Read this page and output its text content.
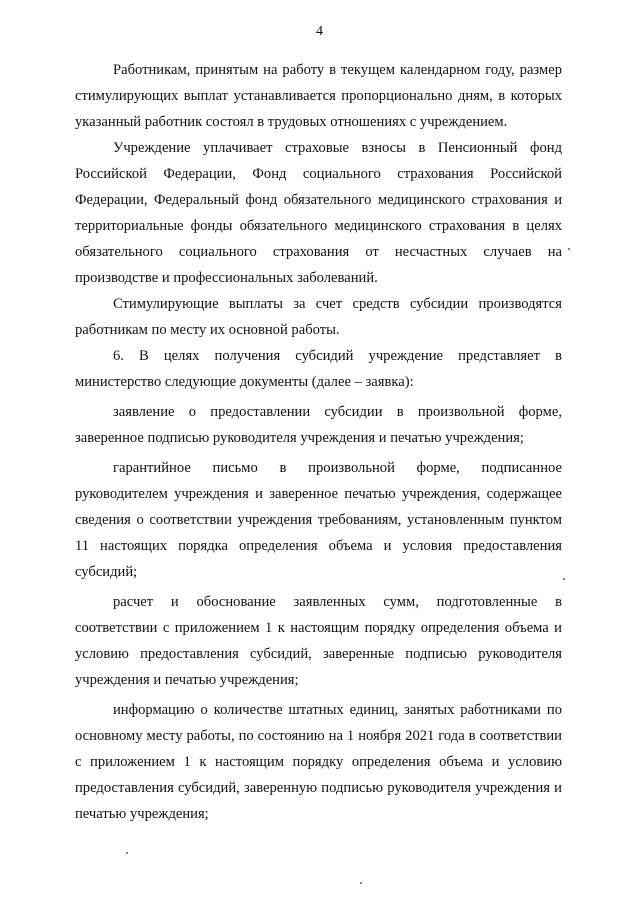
4

Работникам, принятым на работу в текущем календарном году, размер стимулирующих выплат устанавливается пропорционально дням, в которых указанный работник состоял в трудовых отношениях с учреждением.

Учреждение уплачивает страховые взносы в Пенсионный фонд Российской Федерации, Фонд социального страхования Российской Федерации, Федеральный фонд обязательного медицинского страхования и территориальные фонды обязательного медицинского страхования в целях обязательного социального страхования от несчастных случаев на производстве и профессиональных заболеваний.

Стимулирующие выплаты за счет средств субсидии производятся работникам по месту их основной работы.

6. В целях получения субсидий учреждение представляет в министерство следующие документы (далее – заявка):

заявление о предоставлении субсидии в произвольной форме, заверенное подписью руководителя учреждения и печатью учреждения;

гарантийное письмо в произвольной форме, подписанное руководителем учреждения и заверенное печатью учреждения, содержащее сведения о соответствии учреждения требованиям, установленным пунктом 11 настоящих порядка определения объема и условия предоставления субсидий;

расчет и обоснование заявленных сумм, подготовленные в соответствии с приложением 1 к настоящим порядку определения объема и условию предоставления субсидий, заверенные подписью руководителя учреждения и печатью учреждения;

информацию о количестве штатных единиц, занятых работниками по основному месту работы, по состоянию на 1 ноября 2021 года в соответствии с приложением 1 к настоящим порядку определения объема и условию предоставления субсидий, заверенную подписью руководителя учреждения и печатью учреждения;
